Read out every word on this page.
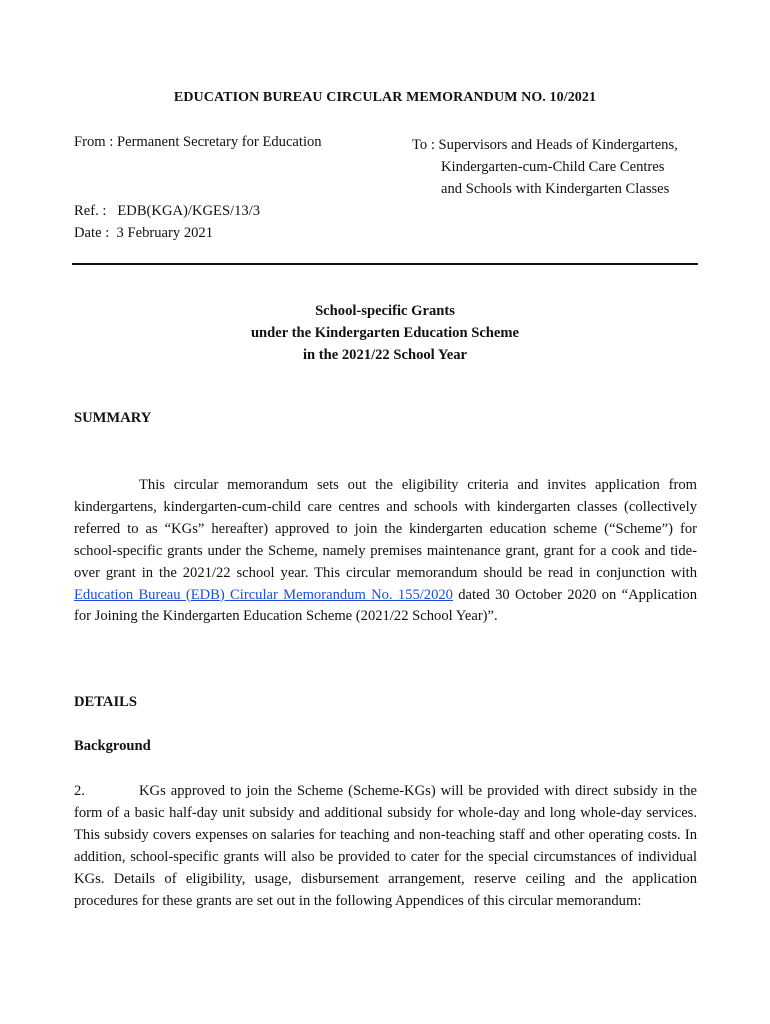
EDUCATION BUREAU CIRCULAR MEMORANDUM NO. 10/2021
From : Permanent Secretary for Education	To : Supervisors and Heads of Kindergartens,
Kindergarten-cum-Child Care Centres
and Schools with Kindergarten Classes
Ref. :   EDB(KGA)/KGES/13/3
Date :  3 February 2021
School-specific Grants
under the Kindergarten Education Scheme
in the 2021/22 School Year
SUMMARY
This circular memorandum sets out the eligibility criteria and invites application from kindergartens, kindergarten-cum-child care centres and schools with kindergarten classes (collectively referred to as “KGs” hereafter) approved to join the kindergarten education scheme (“Scheme”) for school-specific grants under the Scheme, namely premises maintenance grant, grant for a cook and tide-over grant in the 2021/22 school year. This circular memorandum should be read in conjunction with Education Bureau (EDB) Circular Memorandum No. 155/2020 dated 30 October 2020 on “Application for Joining the Kindergarten Education Scheme (2021/22 School Year)”.
DETAILS
Background
2.	KGs approved to join the Scheme (Scheme-KGs) will be provided with direct subsidy in the form of a basic half-day unit subsidy and additional subsidy for whole-day and long whole-day services. This subsidy covers expenses on salaries for teaching and non-teaching staff and other operating costs. In addition, school-specific grants will also be provided to cater for the special circumstances of individual KGs. Details of eligibility, usage, disbursement arrangement, reserve ceiling and the application procedures for these grants are set out in the following Appendices of this circular memorandum:
